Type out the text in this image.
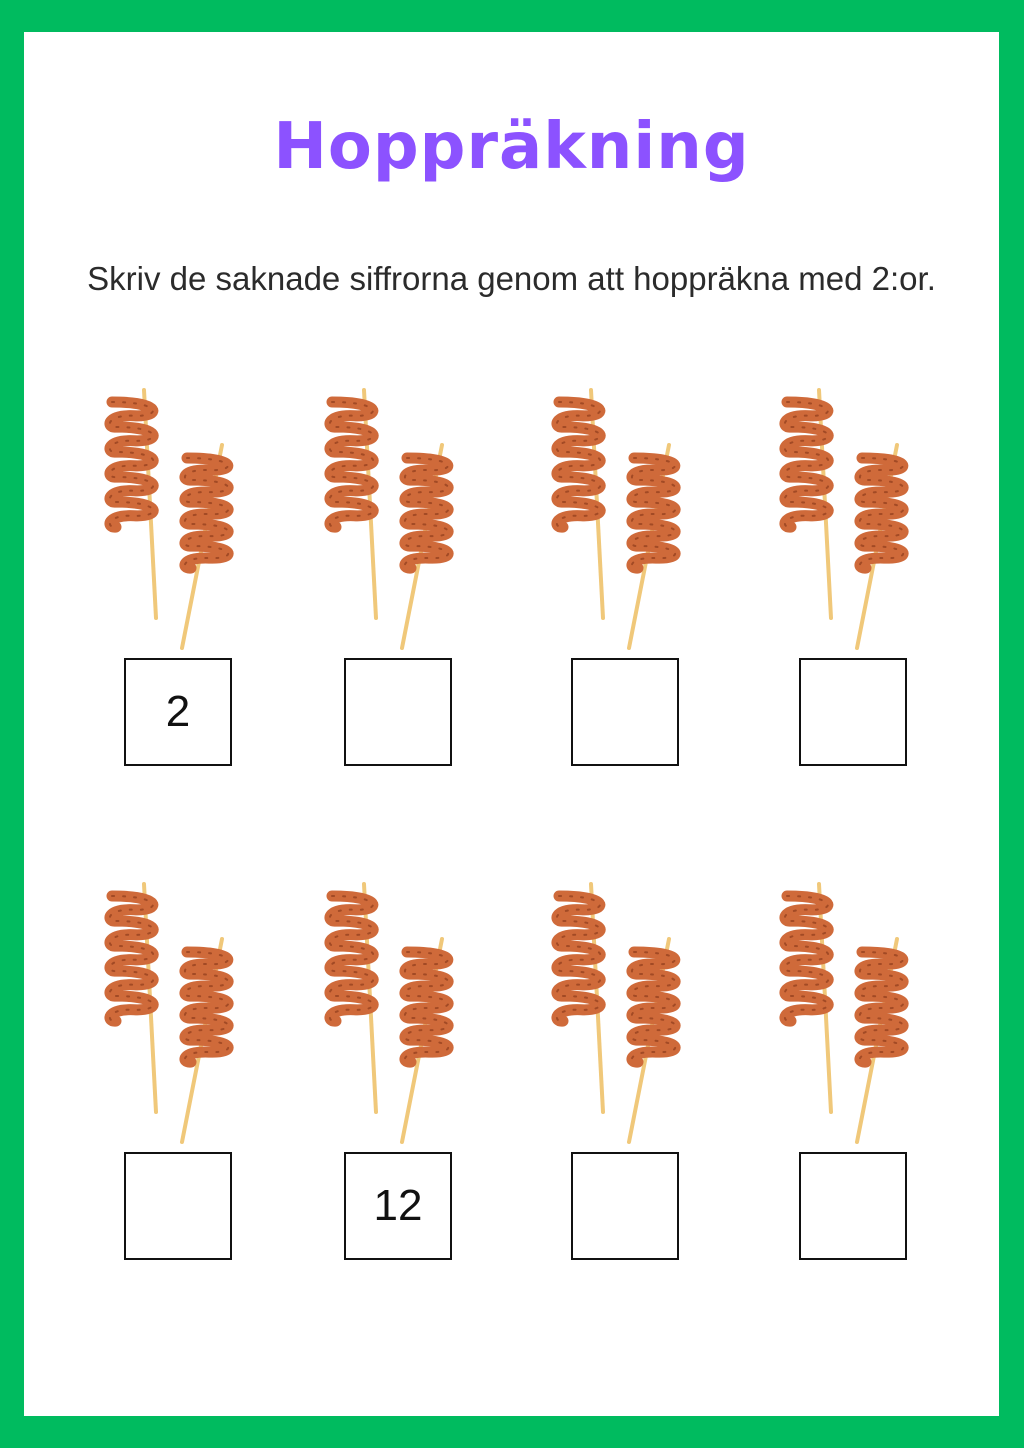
Hoppräkning
Skriv de saknade siffrorna genom att hoppräkna med 2:or.
2
12
